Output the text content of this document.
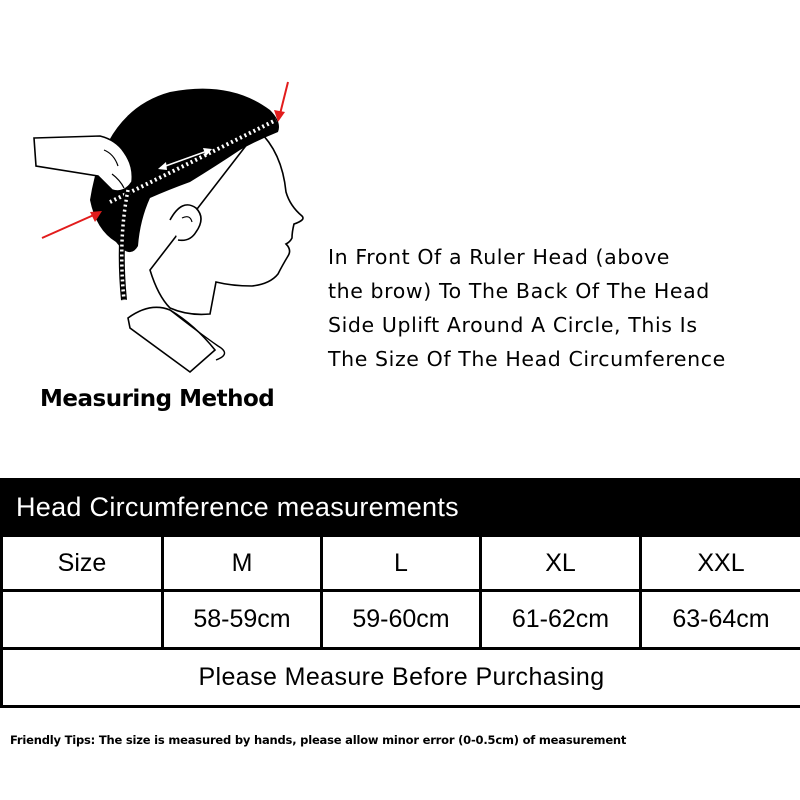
Measuring Method
In Front Of a Ruler Head (above
the brow) To The Back Of The Head
Side Uplift Around A Circle, This Is
The Size Of The Head Circumference
Head Circumference measurements
Size	M	L	XL	XXL
	58-59cm	59-60cm	61-62cm	63-64cm
Please Measure Before Purchasing				
Friendly Tips: The size is measured by hands, please allow minor error (0-0.5cm) of measurement
